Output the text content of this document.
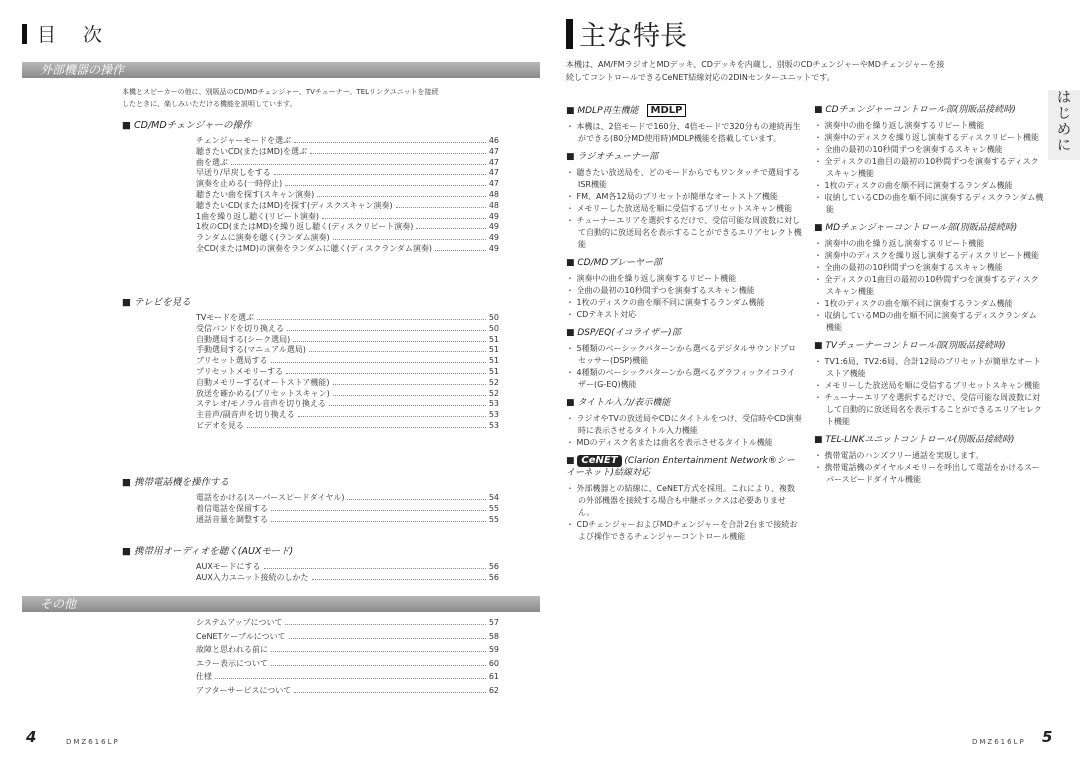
目　次	主な特長
外部機器の操作
本機とスピーカーの他に、別販品のCD/MDチェンジャー、TVチューナー、TELリンクユニットを接続
したときに、楽しみいただける機能を説明しています。
■ CD/MDチェンジャーの操作
チェンジャーモードを選ぶ	46
聴きたいCD(またはMD)を選ぶ	47
曲を選ぶ	47
早送り/早戻しをする	47
演奏を止める(一時停止)	47
聴きたい曲を探す(スキャン演奏)	48
聴きたいCD(またはMD)を探す(ディスクスキャン演奏)	48
1曲を繰り返し聴く(リピート演奏)	49
1枚のCD(またはMD)を繰り返し聴く(ディスクリピート演奏)	49
ランダムに演奏を聴く(ランダム演奏)	49
全CD(またはMD)の演奏をランダムに聴く(ディスクランダム演奏)	49
■ テレビを見る
TVモードを選ぶ	50
受信バンドを切り換える	50
自動選局する(シーク選局)	51
手動選局する(マニュアル選局)	51
プリセット選局する	51
プリセットメモリーする	51
自動メモリーする(オートストア機能)	52
放送を確かめる(プリセットスキャン)	52
ステレオ/モノラル音声を切り換える	53
主音声/副音声を切り換える	53
ビデオを見る	53
■ 携帯電話機を操作する
電話をかける(スーパースピードダイヤル)	54
着信電話を保留する	55
通話音量を調整する	55
■ 携帯用オーディオを聴く(AUXモード)
AUXモードにする	56
AUX入力ユニット接続のしかた	56
システムアップについて	57
CeNETケーブルについて	58
故障と思われる前に	59
エラー表示について	60
仕様	61
アフターサービスについて	62
その他
本機は、AM/FMラジオとMDデッキ、CDデッキを内蔵し、別販のCDチェンジャーやMDチェンジャーを接
続してコントロールできるCeNET結線対応の2DINセンターユニットです。
■ MDLP再生機能 MDLP

・ 本機は、2倍モードで160分、4倍モードで320分もの連続再生ができる(80分MD使用時)MDLP機能を搭載しています。

■ ラジオチューナー部

・ 聴きたい放送局を、どのモードからでもワンタッチで選局するISR機能

・ FM、AM各12局のプリセットが簡単なオートストア機能

・ メモリーした放送局を順に受信するプリセットスキャン機能

・ チューナーエリアを選択するだけで、受信可能な周波数に対して自動的に放送局名を表示することができるエリアセレクト機能

■ CD/MDプレーヤー部

・ 演奏中の曲を繰り返し演奏するリピート機能

・ 全曲の最初の10秒間ずつを演奏するスキャン機能

・ 1枚のディスクの曲を順不同に演奏するランダム機能

・ CDテキスト対応

■ DSP/EQ(イコライザー)部

・ 5種類のベーシックパターンから選べるデジタルサウンドプロセッサー(DSP)機能

・ 4種類のベーシックパターンから選べるグラフィックイコライザー(G-EQ)機能

■ タイトル入力/表示機能

・ ラジオやTVの放送局やCDにタイトルをつけ、受信時やCD演奏時に表示させるタイトル入力機能

・ MDのディスク名または曲名を表示させるタイトル機能

■ CeNET (Clarion Entertainment Network®シーイーネット)結線対応

・ 外部機器との結線に、CeNET方式を採用。これにより、複数の外部機器を接続する場合も中継ボックスは必要ありません。

・ CDチェンジャーおよびMDチェンジャーを合計2台まで接続および操作できるチェンジャーコントロール機能

■ CDチェンジャーコントロール部(別販品接続時)

・ 演奏中の曲を繰り返し演奏するリピート機能

・ 演奏中のディスクを繰り返し演奏するディスクリピート機能

・ 全曲の最初の10秒間ずつを演奏するスキャン機能

・ 全ディスクの1曲目の最初の10秒間ずつを演奏するディスクスキャン機能

・ 1枚のディスクの曲を順不同に演奏するランダム機能

・ 収納しているCDの曲を順不同に演奏するディスクランダム機能

■ MDチェンジャーコントロール部(別販品接続時)

・ 演奏中の曲を繰り返し演奏するリピート機能

・ 演奏中のディスクを繰り返し演奏するディスクリピート機能

・ 全曲の最初の10秒間ずつを演奏するスキャン機能

・ 全ディスクの1曲目の最初の10秒間ずつを演奏するディスクスキャン機能

・ 1枚のディスクの曲を順不同に演奏するランダム機能

・ 収納しているMDの曲を順不同に演奏するディスクランダム機能

■ TVチューナーコントロール部(別販品接続時)

・ TV1:6局、TV2:6局、合計12局のプリセットが簡単なオートストア機能

・ メモリーした放送局を順に受信するプリセットスキャン機能

・ チューナーエリアを選択するだけで、受信可能な周波数に対して自動的に放送局名を表示することができるエリアセレクト機能

■ TEL-LINKユニットコントロール(別販品接続時)

・ 携帯電話のハンズフリー通話を実現します。

・ 携帯電話機のダイヤルメモリーを呼出して電話をかけるスーパースピードダイヤル機能

は
じ
め
に
4	DMZ616LP	DMZ616LP 5
